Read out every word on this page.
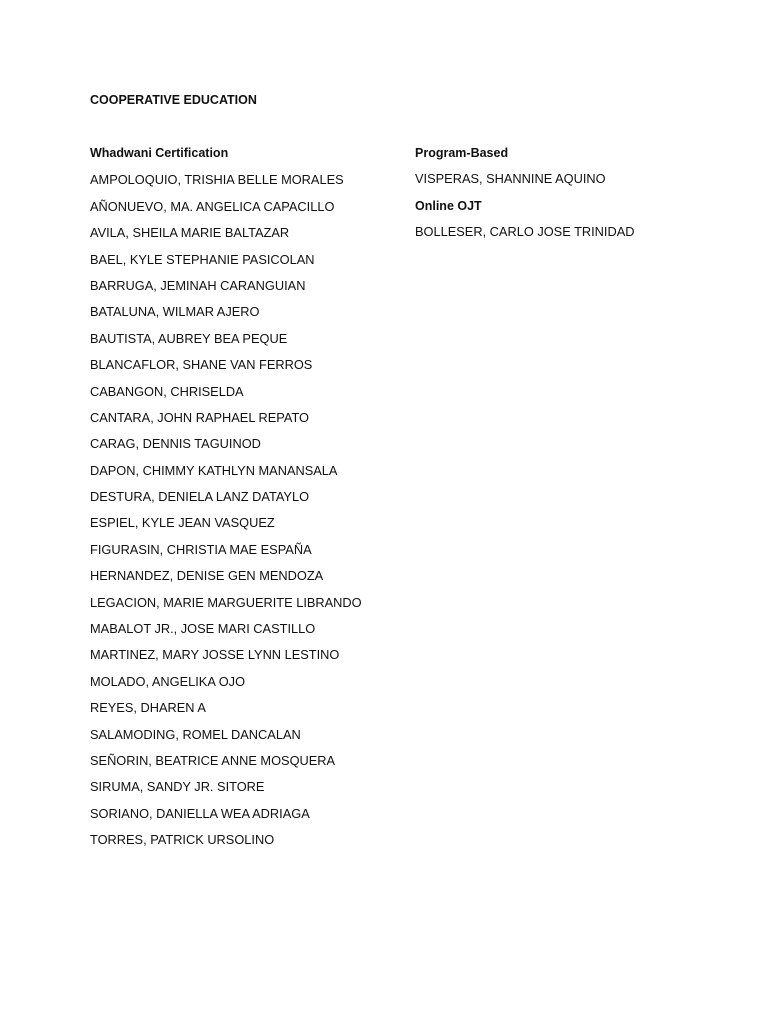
COOPERATIVE EDUCATION
Whadwani Certification
AMPOLOQUIO, TRISHIA BELLE MORALES
AÑONUEVO, MA. ANGELICA CAPACILLO
AVILA, SHEILA MARIE BALTAZAR
BAEL, KYLE STEPHANIE PASICOLAN
BARRUGA, JEMINAH CARANGUIAN
BATALUNA, WILMAR AJERO
BAUTISTA, AUBREY BEA PEQUE
BLANCAFLOR, SHANE VAN FERROS
CABANGON, CHRISELDA
CANTARA, JOHN RAPHAEL REPATO
CARAG, DENNIS TAGUINOD
DAPON, CHIMMY KATHLYN MANANSALA
DESTURA, DENIELA LANZ DATAYLO
ESPIEL, KYLE JEAN VASQUEZ
FIGURASIN, CHRISTIA MAE ESPAÑA
HERNANDEZ, DENISE GEN MENDOZA
LEGACION, MARIE MARGUERITE LIBRANDO
MABALOT JR., JOSE MARI CASTILLO
MARTINEZ, MARY JOSSE LYNN LESTINO
MOLADO, ANGELIKA OJO
REYES, DHAREN A
SALAMODING, ROMEL DANCALAN
SEÑORIN, BEATRICE ANNE MOSQUERA
SIRUMA, SANDY JR. SITORE
SORIANO, DANIELLA WEA ADRIAGA
TORRES, PATRICK URSOLINO
Program-Based
VISPERAS, SHANNINE AQUINO
Online OJT
BOLLESER, CARLO JOSE TRINIDAD
